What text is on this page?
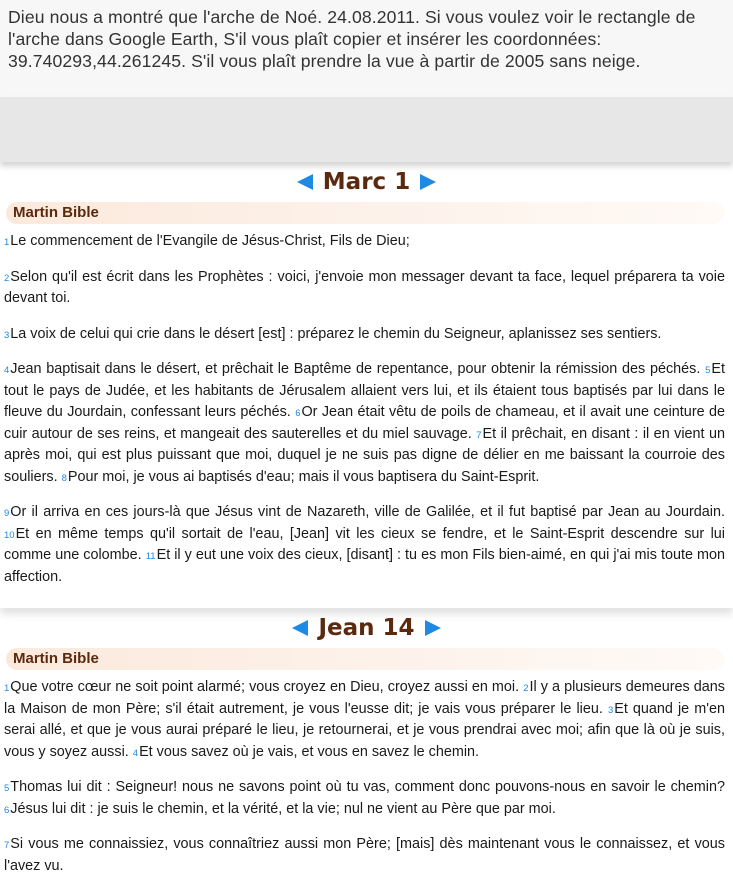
Dieu nous a montré que l'arche de Noé. 24.08.2011. Si vous voulez voir le rectangle de l'arche dans Google Earth, S'il vous plaît copier et insérer les coordonnées: 39.740293,44.261245. S'il vous plaît prendre la vue à partir de 2005 sans neige.

Marc 1
Martin Bible

$^1$Le commencement de l'Evangile de Jésus-Christ, Fils de Dieu;

$^2$Selon qu'il est écrit dans les Prophètes : voici, j'envoie mon messager devant ta face, lequel préparera ta voie devant toi.

$^3$La voix de celui qui crie dans le désert [est] : préparez le chemin du Seigneur, aplanissez ses sentiers.

$^4$Jean baptisait dans le désert, et prêchait le Baptême de repentance, pour obtenir la rémission des péchés. $^5$Et tout le pays de Judée, et les habitants de Jérusalem allaient vers lui, et ils étaient tous baptisés par lui dans le fleuve du Jourdain, confessant leurs péchés. $^6$Or Jean était vêtu de poils de chameau, et il avait une ceinture de cuir autour de ses reins, et mangeait des sauterelles et du miel sauvage. $^7$Et il prêchait, en disant : il en vient un après moi, qui est plus puissant que moi, duquel je ne suis pas digne de délier en me baissant la courroie des souliers. $^8$Pour moi, je vous ai baptisés d'eau; mais il vous baptisera du Saint-Esprit.

$^9$Or il arriva en ces jours-là que Jésus vint de Nazareth, ville de Galilée, et il fut baptisé par Jean au Jourdain. $^{10}$Et en même temps qu'il sortait de l'eau, [Jean] vit les cieux se fendre, et le Saint-Esprit descendre sur lui comme une colombe. $^{11}$Et il y eut une voix des cieux, [disant] : tu es mon Fils bien-aimé, en qui j'ai mis toute mon affection.

Jean 14
Martin Bible

$^1$Que votre cœur ne soit point alarmé; vous croyez en Dieu, croyez aussi en moi. $^2$Il y a plusieurs demeures dans la Maison de mon Père; s'il était autrement, je vous l'eusse dit; je vais vous préparer le lieu. $^3$Et quand je m'en serai allé, et que je vous aurai préparé le lieu, je retournerai, et je vous prendrai avec moi; afin que là où je suis, vous y soyez aussi. $^4$Et vous savez où je vais, et vous en savez le chemin.

$^5$Thomas lui dit : Seigneur! nous ne savons point où tu vas, comment donc pouvons-nous en savoir le chemin? $^6$Jésus lui dit : je suis le chemin, et la vérité, et la vie; nul ne vient au Père que par moi.

$^7$Si vous me connaissiez, vous connaîtriez aussi mon Père; [mais] dès maintenant vous le connaissez, et vous l'avez vu.
